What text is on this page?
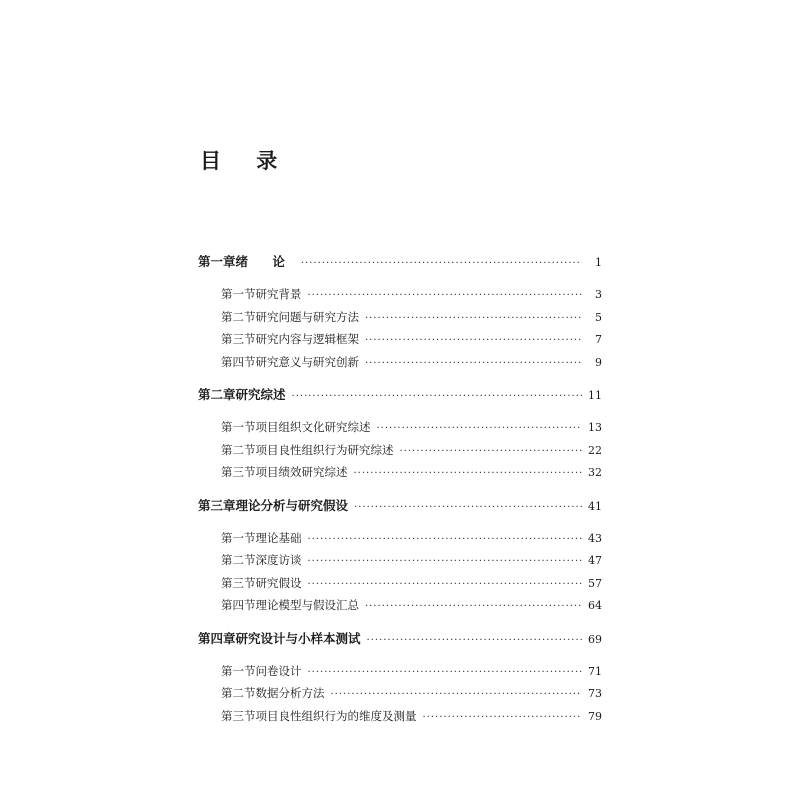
目 录
第一章 绪 论 ·····	1
第一节 研究背景 ·····	3
第二节 研究问题与研究方法 ·····	5
第三节 研究内容与逻辑框架 ·····	7
第四节 研究意义与研究创新 ·····	9
第二章 研究综述 ·····	11
第一节 项目组织文化研究综述 ·····	13
第二节 项目良性组织行为研究综述 ·····	22
第三节 项目绩效研究综述 ·····	32
第三章 理论分析与研究假设 ·····	41
第一节 理论基础 ·····	43
第二节 深度访谈 ·····	47
第三节 研究假设 ·····	57
第四节 理论模型与假设汇总 ·····	64
第四章 研究设计与小样本测试 ·····	69
第一节 问卷设计 ·····	71
第二节 数据分析方法 ·····	73
第三节 项目良性组织行为的维度及测量 ·····	79
